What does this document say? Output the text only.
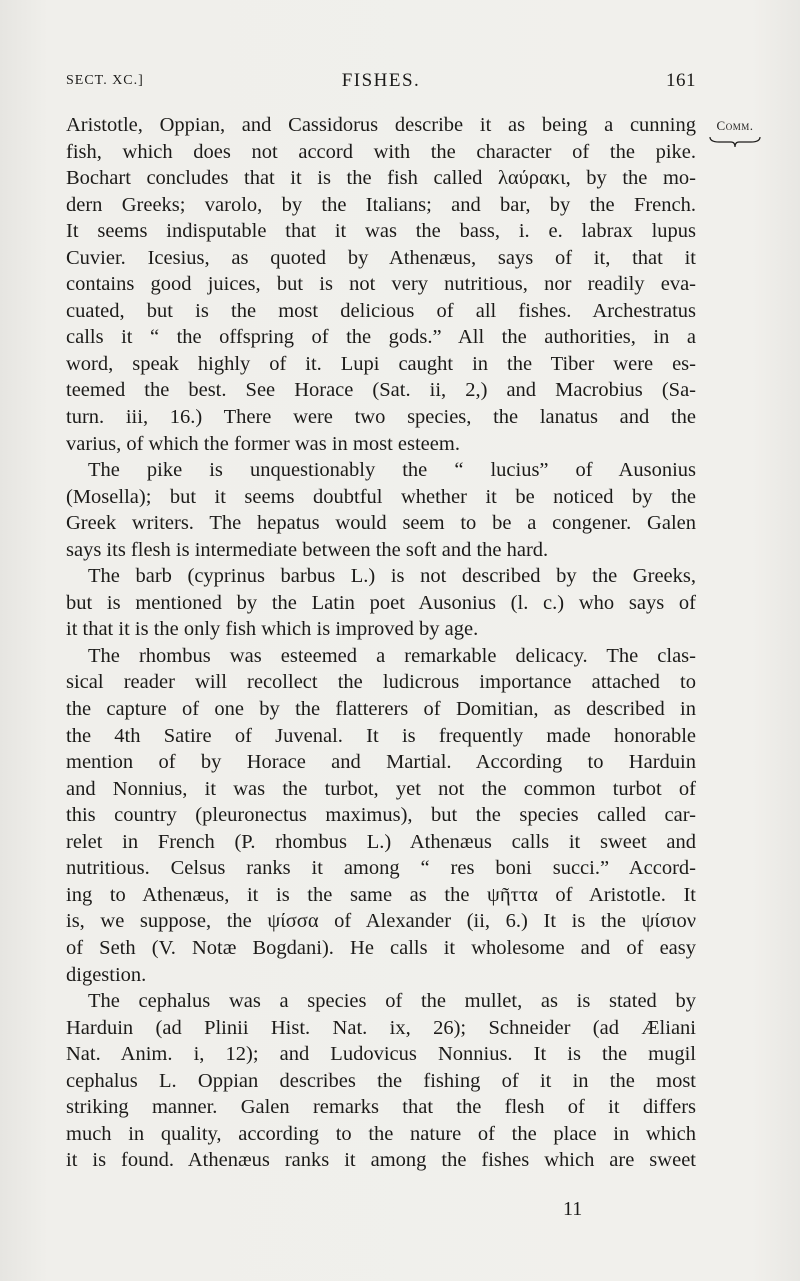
SECT. XC.]	FISHES.	161
Comm.
Aristotle, Oppian, and Cassidorus describe it as being a cunning
fish, which does not accord with the character of the pike.
Bochart concludes that it is the fish called λαύρακι, by the mo-
dern Greeks; varolo, by the Italians; and bar, by the French.
It seems indisputable that it was the bass, i. e. labrax lupus
Cuvier. Icesius, as quoted by Athenæus, says of it, that it
contains good juices, but is not very nutritious, nor readily eva-
cuated, but is the most delicious of all fishes. Archestratus
calls it “ the offspring of the gods.” All the authorities, in a
word, speak highly of it. Lupi caught in the Tiber were es-
teemed the best. See Horace (Sat. ii, 2,) and Macrobius (Sa-
turn. iii, 16.) There were two species, the lanatus and the
varius, of which the former was in most esteem.
The pike is unquestionably the “ lucius” of Ausonius
(Mosella); but it seems doubtful whether it be noticed by the
Greek writers. The hepatus would seem to be a congener. Galen
says its flesh is intermediate between the soft and the hard.
The barb (cyprinus barbus L.) is not described by the Greeks,
but is mentioned by the Latin poet Ausonius (l. c.) who says of
it that it is the only fish which is improved by age.
The rhombus was esteemed a remarkable delicacy. The clas-
sical reader will recollect the ludicrous importance attached to
the capture of one by the flatterers of Domitian, as described in
the 4th Satire of Juvenal. It is frequently made honorable
mention of by Horace and Martial. According to Harduin
and Nonnius, it was the turbot, yet not the common turbot of
this country (pleuronectus maximus), but the species called car-
relet in French (P. rhombus L.) Athenæus calls it sweet and
nutritious. Celsus ranks it among “ res boni succi.” Accord-
ing to Athenæus, it is the same as the ψῆττα of Aristotle. It
is, we suppose, the ψίσσα of Alexander (ii, 6.) It is the ψίσιον
of Seth (V. Notæ Bogdani). He calls it wholesome and of easy
digestion.
The cephalus was a species of the mullet, as is stated by
Harduin (ad Plinii Hist. Nat. ix, 26); Schneider (ad Æliani
Nat. Anim. i, 12); and Ludovicus Nonnius. It is the mugil
cephalus L. Oppian describes the fishing of it in the most
striking manner. Galen remarks that the flesh of it differs
much in quality, according to the nature of the place in which
it is found. Athenæus ranks it among the fishes which are sweet
11
